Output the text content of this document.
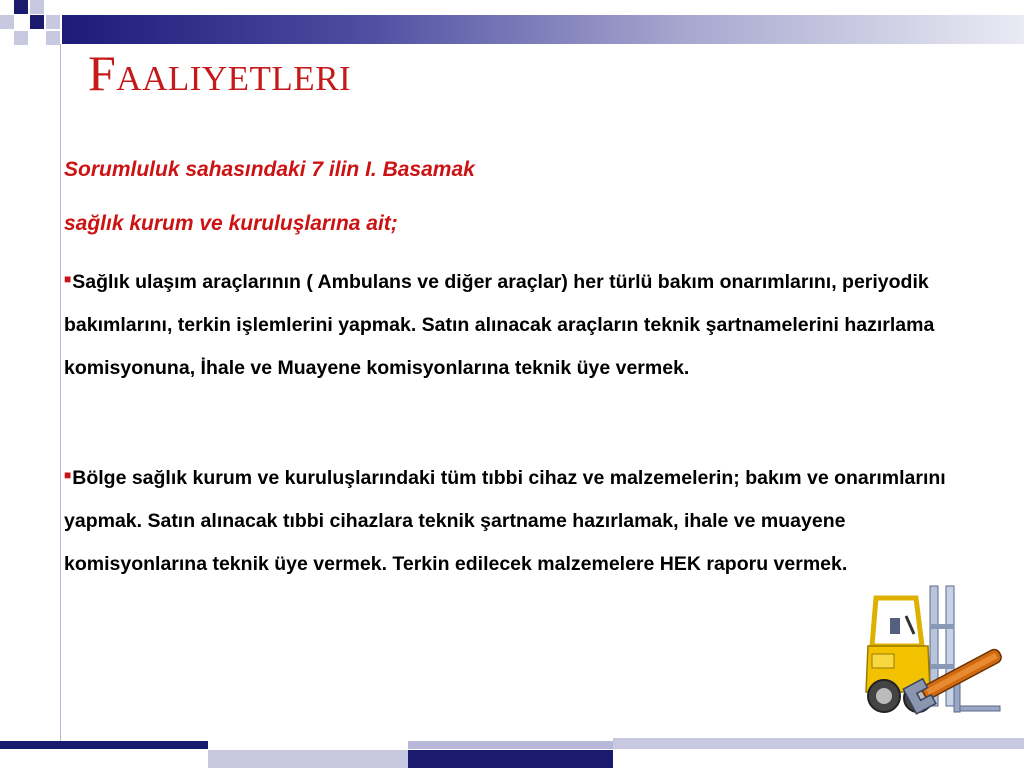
Faaliyetleri

Sorumluluk sahasındaki 7 ilin I. Basamak

sağlık kurum ve kuruluşlarına ait;

■Sağlık ulaşım araçlarının ( Ambulans ve diğer araçlar) her türlü bakım onarımlarını, periyodik bakımlarını, terkin işlemlerini yapmak. Satın alınacak araçların teknik şartnamelerini hazırlama komisyonuna, İhale ve Muayene komisyonlarına teknik üye vermek.

■Bölge sağlık kurum ve kuruluşlarındaki tüm tıbbi cihaz ve malzemelerin; bakım ve onarımlarını yapmak. Satın alınacak tıbbi cihazlara teknik şartname hazırlamak, ihale ve muayene komisyonlarına teknik üye vermek. Terkin edilecek malzemelere HEK raporu vermek.
